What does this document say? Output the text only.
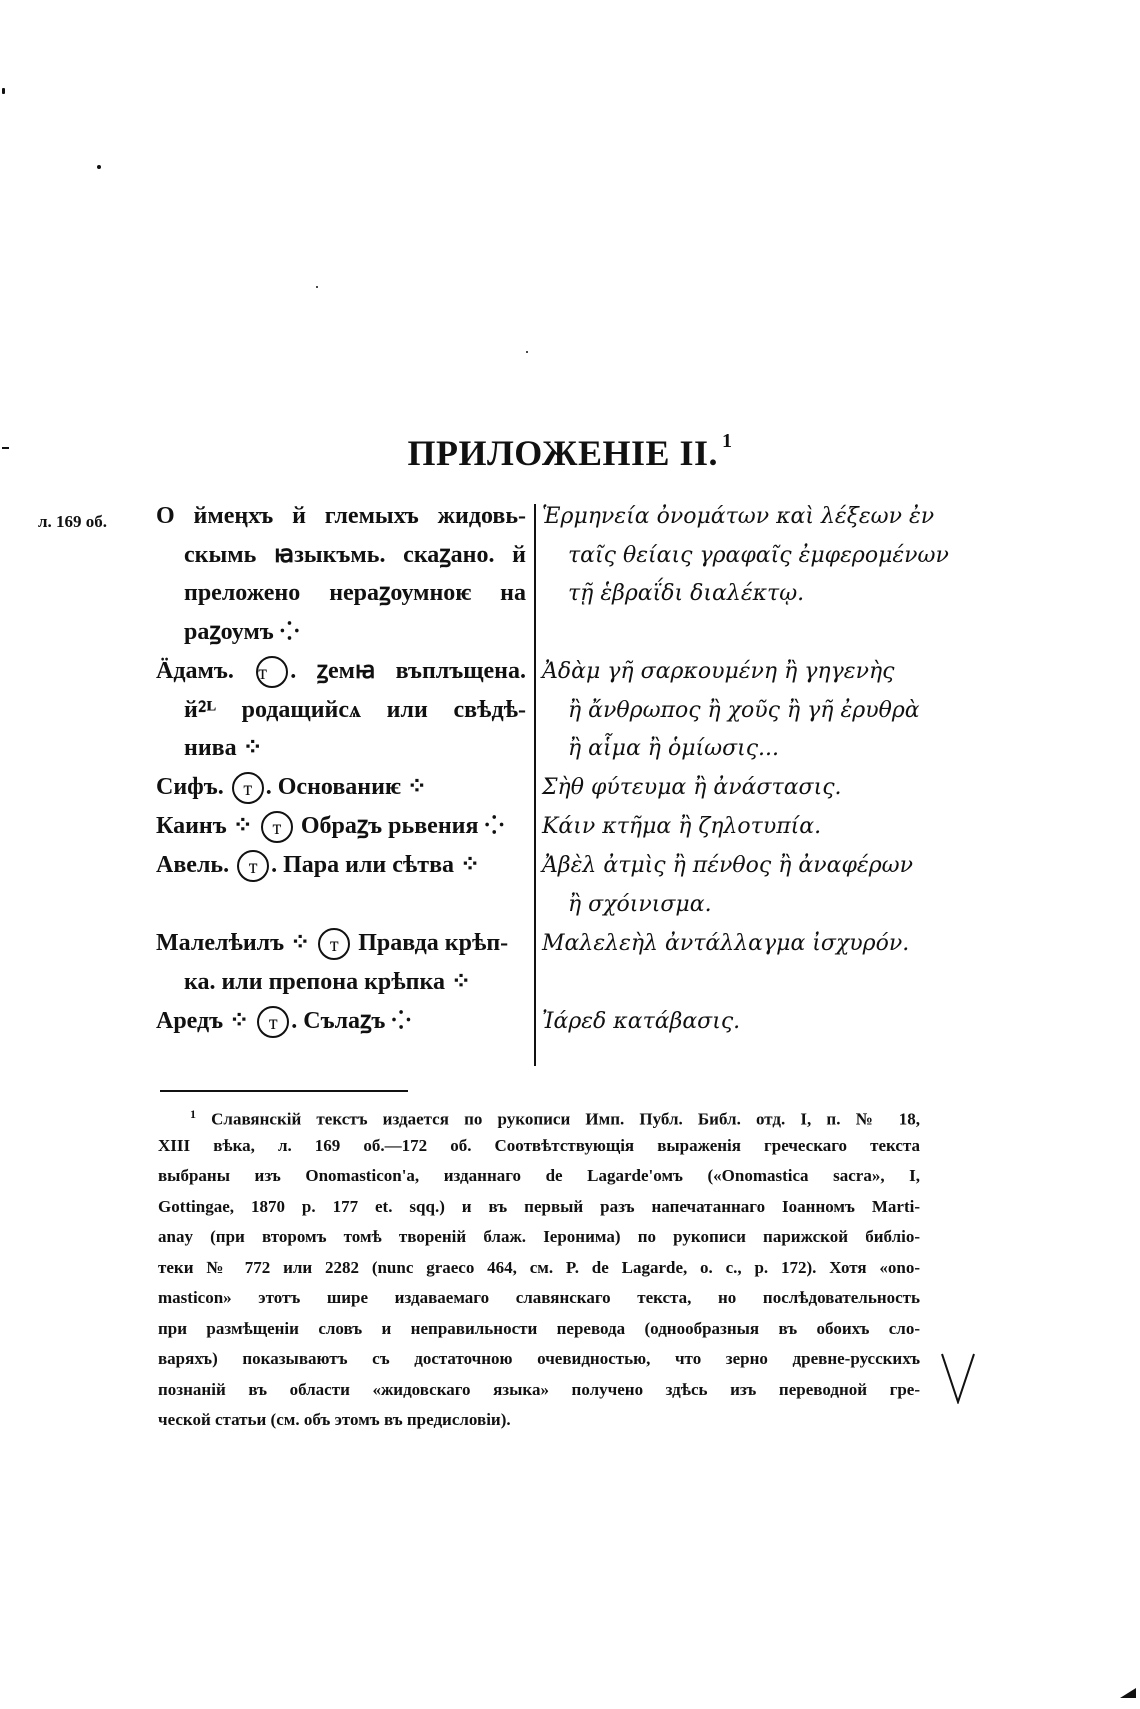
ПРИЛОЖЕНІЕ II. $^1$
л. 169 об. О ймеңхъ й глемыхъ жидовь-
скымь ꙗзыкъмь. скаꙁано. й
преложено нераꙁоумноѥ на
раꙁоумъ ⁘
Ӓдамъ. т . ꙁемꙗ въплъщена.
й⁲ᴸ родащийсѧ или свѣдѣ-
нива ⁘
Сифъ. т . Основаниѥ ⁘
Каинъ ⁘ т Обраꙁъ рьвения ⁘
Авель. т . Пара или сѣтва ⁘
Малелѣилъ ⁘ т Правда крѣп-
ка. или препона крѣпка ⁘
Аредъ ⁘ т . Сълаꙁъ ⁘
Ἑρμηνεία ὀνομάτων καὶ λέξεων ἐν
ταῖς θείαις γραφαῖς ἐμφερομένων
τῇ ἑβραΐδι διαλέκτῳ.
Ἀδὰμ γῆ σαρκουμένη ἢ γηγενὴς
ἢ ἄνθρωπος ἢ χοῦς ἢ γῆ ἐρυθρὰ
ἢ αἷμα ἢ ὁμίωσις...
Σὴθ φύτευμα ἢ ἀνάστασις.
Κάιν κτῆμα ἢ ζηλοτυπία.
Ἀβὲλ ἀτμὶς ἢ πένθος ἢ ἀναφέρων
ἢ σχόινισμα.
Μαλελεὴλ ἀντάλλαγμα ἰσχυρόν.
Ἰάρεδ κατάβασις.
$^1$ Славянскій текстъ издается по рукописи Имп. Публ. Библ. отд. I, п. № 18,
XIII вѣка, л. 169 об.—172 об. Соотвѣтствующія выраженія греческаго текста
выбраны изъ Onomasticon'a, изданнаго de Lagarde'омъ («Onomastica sacra», I,
Gottingae, 1870 p. 177 et. sqq.) и въ первый разъ напечатаннаго Іоанномъ Marti-
anay (при второмъ томѣ твореній блаж. Іеронима) по рукописи парижской библіо-
теки № 772 или 2282 (nunc graeco 464, см. P. de Lagarde, o. c., p. 172). Хотя «ono-
masticon» этотъ шире издаваемаго славянскаго текста, но послѣдовательность
при размѣщеніи словъ и неправильности перевода (однообразныя въ обоихъ сло-
варяхъ) показываютъ съ достаточною очевидностью, что зерно древне-русскихъ
познаній въ области «жидовскаго языка» получено здѣсь изъ переводной гре-
ческой статьи (см. объ этомъ въ предисловіи).
